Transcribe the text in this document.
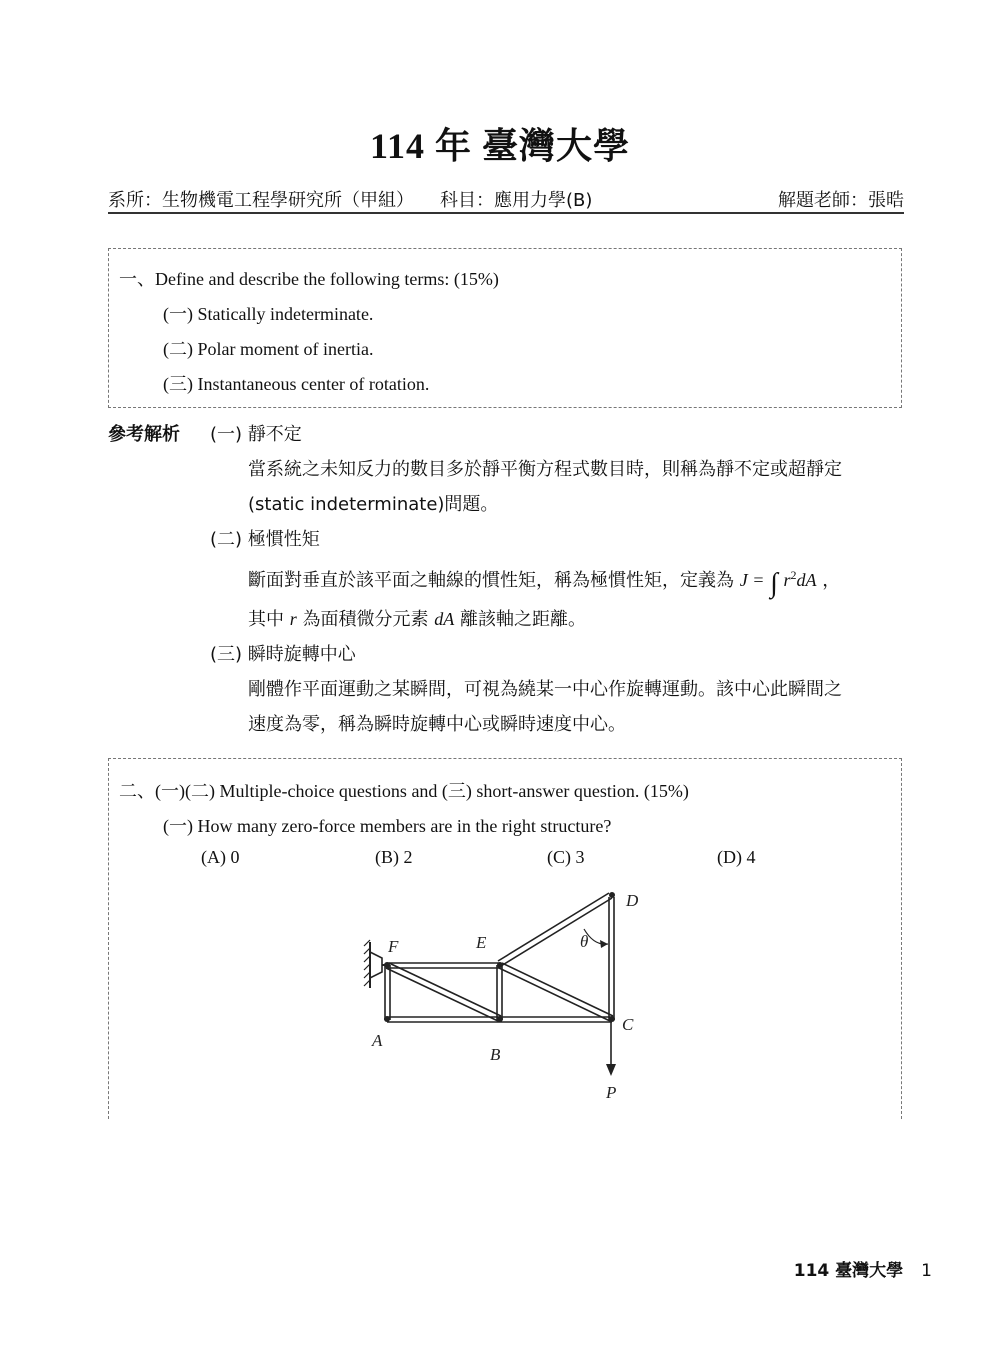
114 年 臺灣大學
系所：生物機電工程學研究所（甲組） 科目：應用力學(B)	解題老師：張晧
一、Define and describe the following terms: (15%)
(一) Statically indeterminate.
(二) Polar moment of inertia.
(三) Instantaneous center of rotation.
參考解析 (一) 靜不定
當系統之未知反力的數目多於靜平衡方程式數目時，則稱為靜不定或超靜定
(static indeterminate)問題。
(二) 極慣性矩
斷面對垂直於該平面之軸線的慣性矩，稱為極慣性矩，定義為 J = ∫ $r^2dA$ ，
其中 r 為面積微分元素 dA 離該軸之距離。
(三) 瞬時旋轉中心
剛體作平面運動之某瞬間，可視為繞某一中心作旋轉運動。該中心此瞬間之
速度為零，稱為瞬時旋轉中心或瞬時速度中心。
二、(一)(二) Multiple-choice questions and (三) short-answer question. (15%)
(一) How many zero-force members are in the right structure?
(A) 0	(B) 2	(C) 3	(D) 4
F	E
D
C
A
B
P
θ
114 臺灣大學 1
